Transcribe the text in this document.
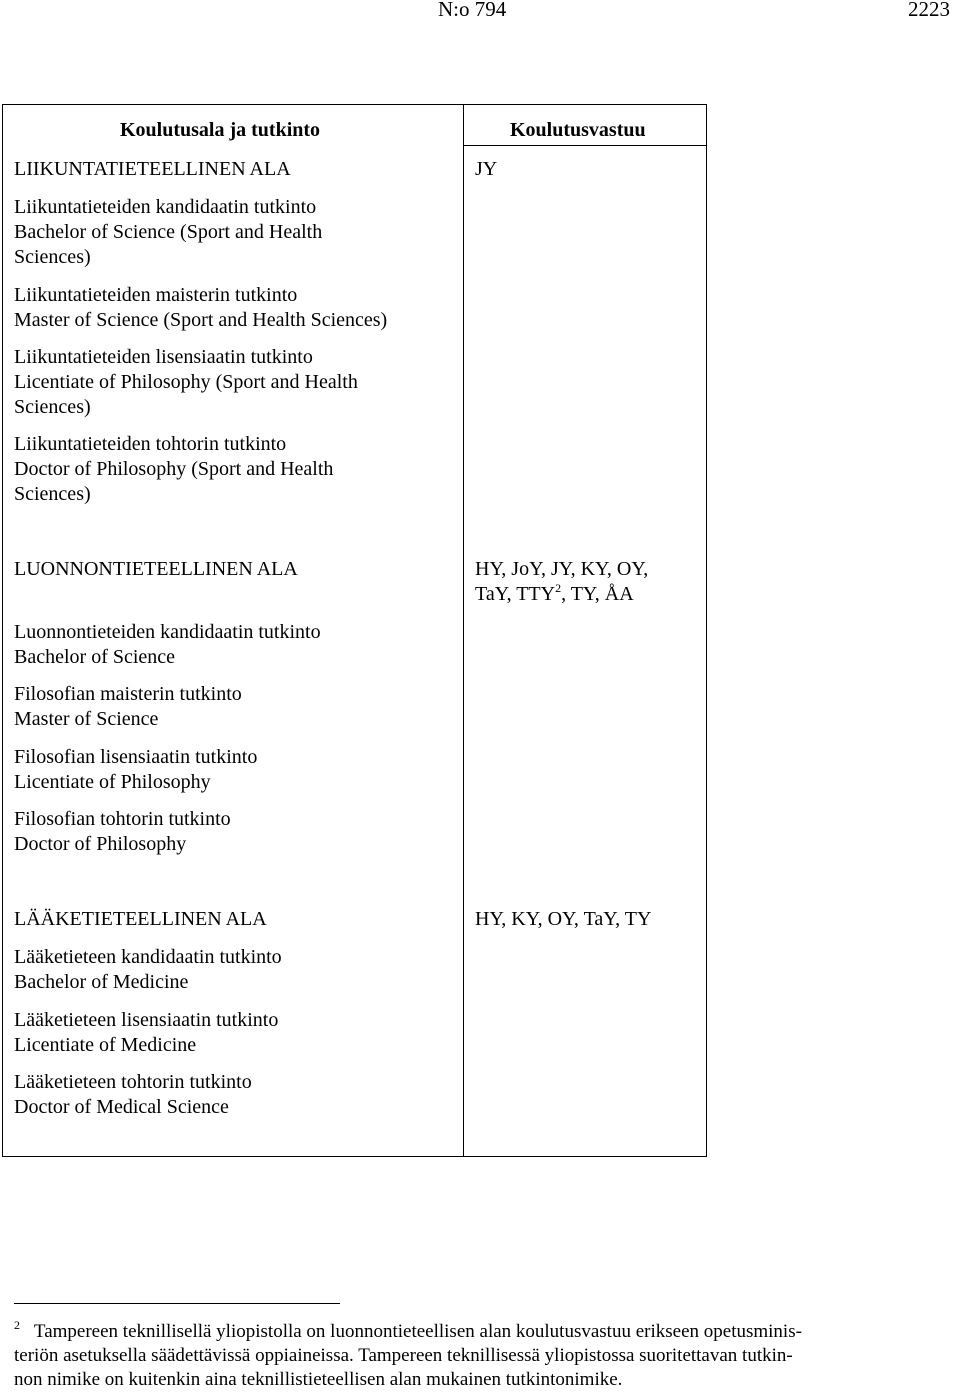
N:o 794	2223
Koulutusala ja tutkinto	Koulutusvastuu
LIIKUNTATIETEELLINEN ALA	JY
Liikuntatieteiden kandidaatin tutkinto
Bachelor of Science (Sport and Health
Sciences)
Liikuntatieteiden maisterin tutkinto
Master of Science (Sport and Health Sciences)
Liikuntatieteiden lisensiaatin tutkinto
Licentiate of Philosophy (Sport and Health
Sciences)
Liikuntatieteiden tohtorin tutkinto
Doctor of Philosophy (Sport and Health
Sciences)
LUONNONTIETEELLINEN ALA	HY, JoY, JY, KY, OY,
TaY, TTY$^2$, TY, ÅA
Luonnontieteiden kandidaatin tutkinto
Bachelor of Science
Filosofian maisterin tutkinto
Master of Science
Filosofian lisensiaatin tutkinto
Licentiate of Philosophy
Filosofian tohtorin tutkinto
Doctor of Philosophy
LÄÄKETIETEELLINEN ALA	HY, KY, OY, TaY, TY
Lääketieteen kandidaatin tutkinto
Bachelor of Medicine
Lääketieteen lisensiaatin tutkinto
Licentiate of Medicine
Lääketieteen tohtorin tutkinto
Doctor of Medical Science
$^2$ Tampereen teknillisellä yliopistolla on luonnontieteellisen alan koulutusvastuu erikseen opetusminis-
teriön asetuksella säädettävissä oppiaineissa. Tampereen teknillisessä yliopistossa suoritettavan tutkin-
non nimike on kuitenkin aina teknillistieteellisen alan mukainen tutkintonimike.
